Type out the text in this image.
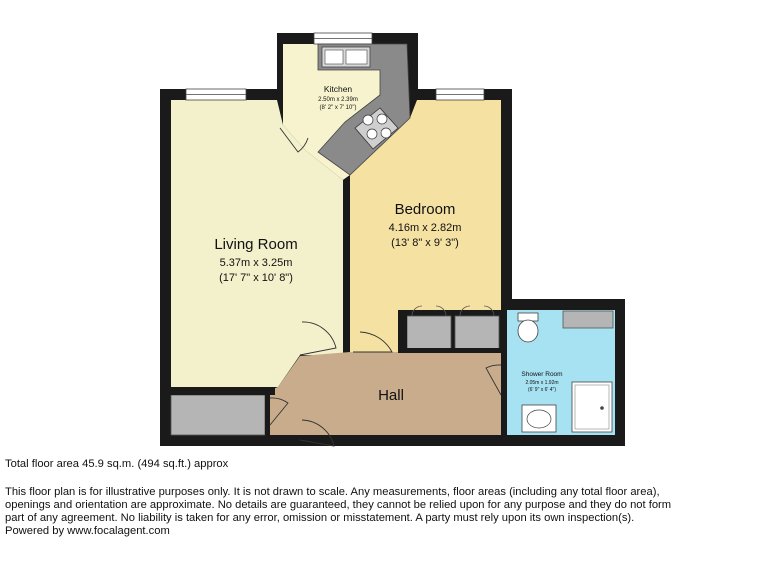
Kitchen
2.50m x 2.39m
(8' 2" x 7' 10")
Living Room
5.37m x 3.25m
(17' 7" x 10' 8")
Bedroom
4.16m x 2.82m
(13' 8" x 9' 3")
Hall
Shower Room
2.05m x 1.92m
(6' 9" x 6' 4")
Total floor area 45.9 sq.m. (494 sq.ft.) approx
This floor plan is for illustrative purposes only. It is not drawn to scale. Any measurements, floor areas (including any total floor area),
openings and orientation are approximate. No details are guaranteed, they cannot be relied upon for any purpose and they do not form
part of any agreement. No liability is taken for any error, omission or misstatement. A party must rely upon its own inspection(s).
Powered by www.focalagent.com
